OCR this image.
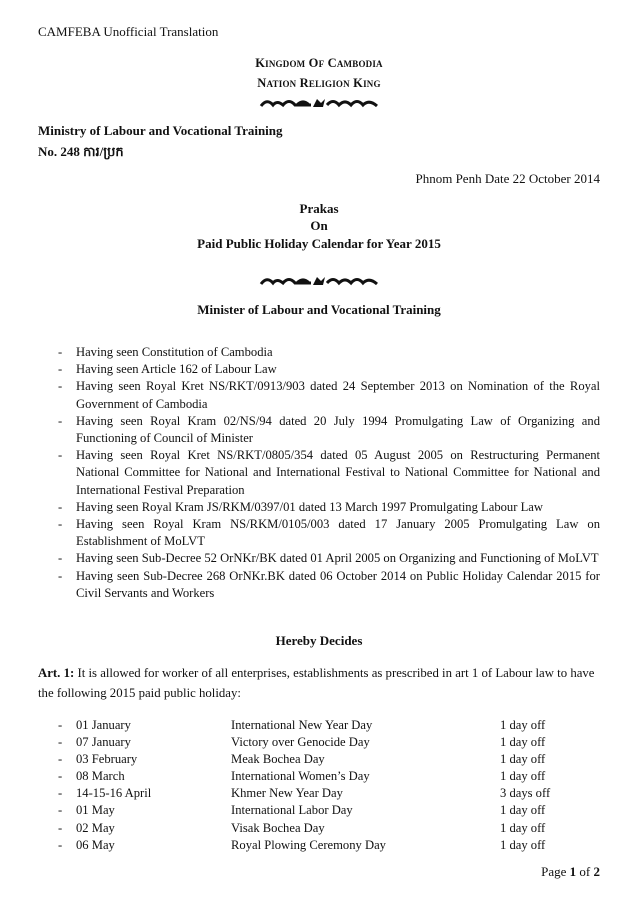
CAMFEBA Unofficial Translation
Kingdom Of Cambodia
Nation Religion King
Ministry of Labour and Vocational Training
No. 248 ការ/ប្រក
Phnom Penh Date 22 October 2014
Prakas
On
Paid Public Holiday Calendar for Year 2015
Minister of Labour and Vocational Training
- Having seen Constitution of Cambodia
- Having seen Article 162 of Labour Law
- Having seen Royal Kret NS/RKT/0913/903 dated 24 September 2013 on Nomination of the Royal Government of Cambodia
- Having seen Royal Kram 02/NS/94 dated 20 July 1994 Promulgating Law of Organizing and Functioning of Council of Minister
- Having seen Royal Kret NS/RKT/0805/354 dated 05 August 2005 on Restructuring Permanent National Committee for National and International Festival to National Committee for National and International Festival Preparation
- Having seen Royal Kram JS/RKM/0397/01 dated 13 March 1997 Promulgating Labour Law
- Having seen Royal Kram NS/RKM/0105/003 dated 17 January 2005 Promulgating Law on Establishment of MoLVT
- Having seen Sub-Decree 52 OrNKr/BK dated 01 April 2005 on Organizing and Functioning of MoLVT
- Having seen Sub-Decree 268 OrNKr.BK dated 06 October 2014 on Public Holiday Calendar 2015 for Civil Servants and Workers
Hereby Decides
Art. 1: It is allowed for worker of all enterprises, establishments as prescribed in art 1 of Labour law to have the following 2015 paid public holiday:
- 01 January	International New Year Day	1 day off
- 07 January	Victory over Genocide Day	1 day off
- 03 February	Meak Bochea Day	1 day off
- 08 March	International Women’s Day	1 day off
- 14-15-16 April	Khmer New Year Day	3 days off
- 01 May	International Labor Day	1 day off
- 02 May	Visak Bochea Day	1 day off
- 06 May	Royal Plowing Ceremony Day	1 day off
Page 1 of 2
